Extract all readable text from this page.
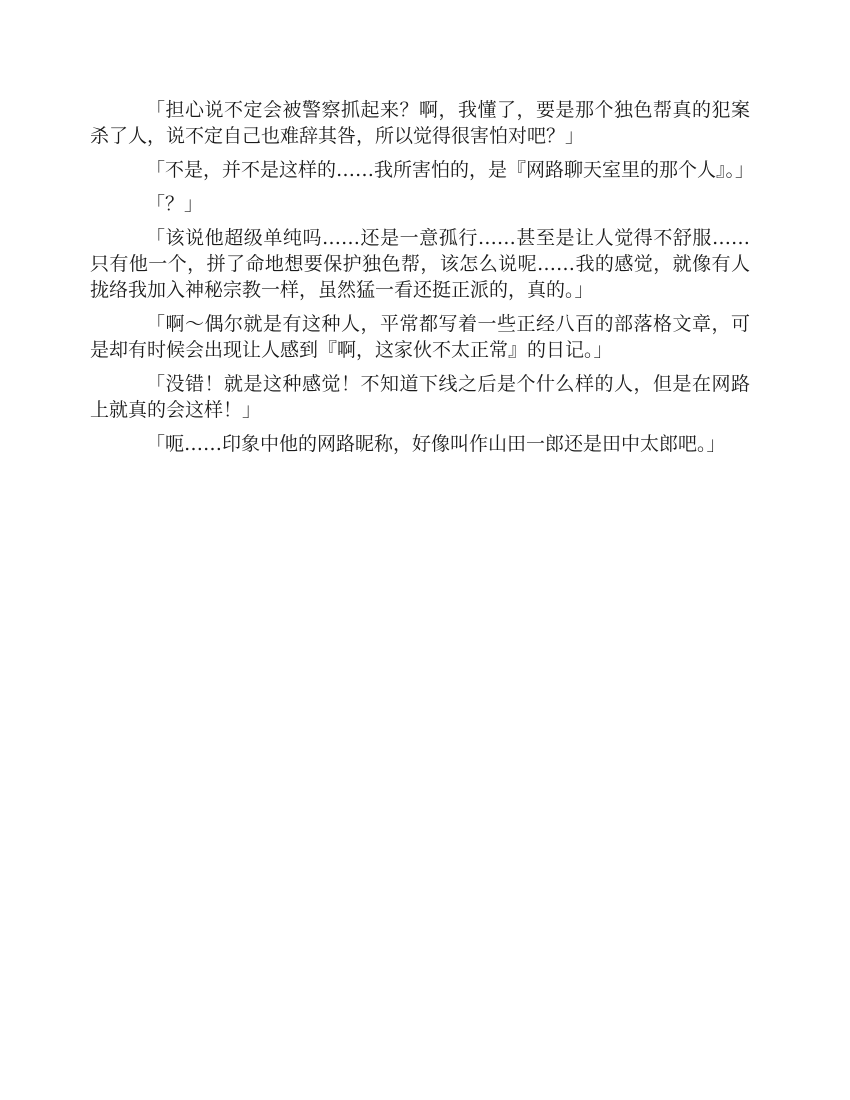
「担心说不定会被警察抓起来？啊，我懂了，要是那个独色帮真的犯案杀了人，说不定自己也难辞其咎，所以觉得很害怕对吧？」

「不是，并不是这样的……我所害怕的，是『网路聊天室里的那个人』。」

「？」

「该说他超级单纯吗……还是一意孤行……甚至是让人觉得不舒服……只有他一个，拼了命地想要保护独色帮，该怎么说呢……我的感觉，就像有人拢络我加入神秘宗教一样，虽然猛一看还挺正派的，真的。」

「啊～偶尔就是有这种人，平常都写着一些正经八百的部落格文章，可是却有时候会出现让人感到『啊，这家伙不太正常』的日记。」

「没错！就是这种感觉！不知道下线之后是个什么样的人，但是在网路上就真的会这样！」

「呃……印象中他的网路昵称，好像叫作山田一郎还是田中太郎吧。」
